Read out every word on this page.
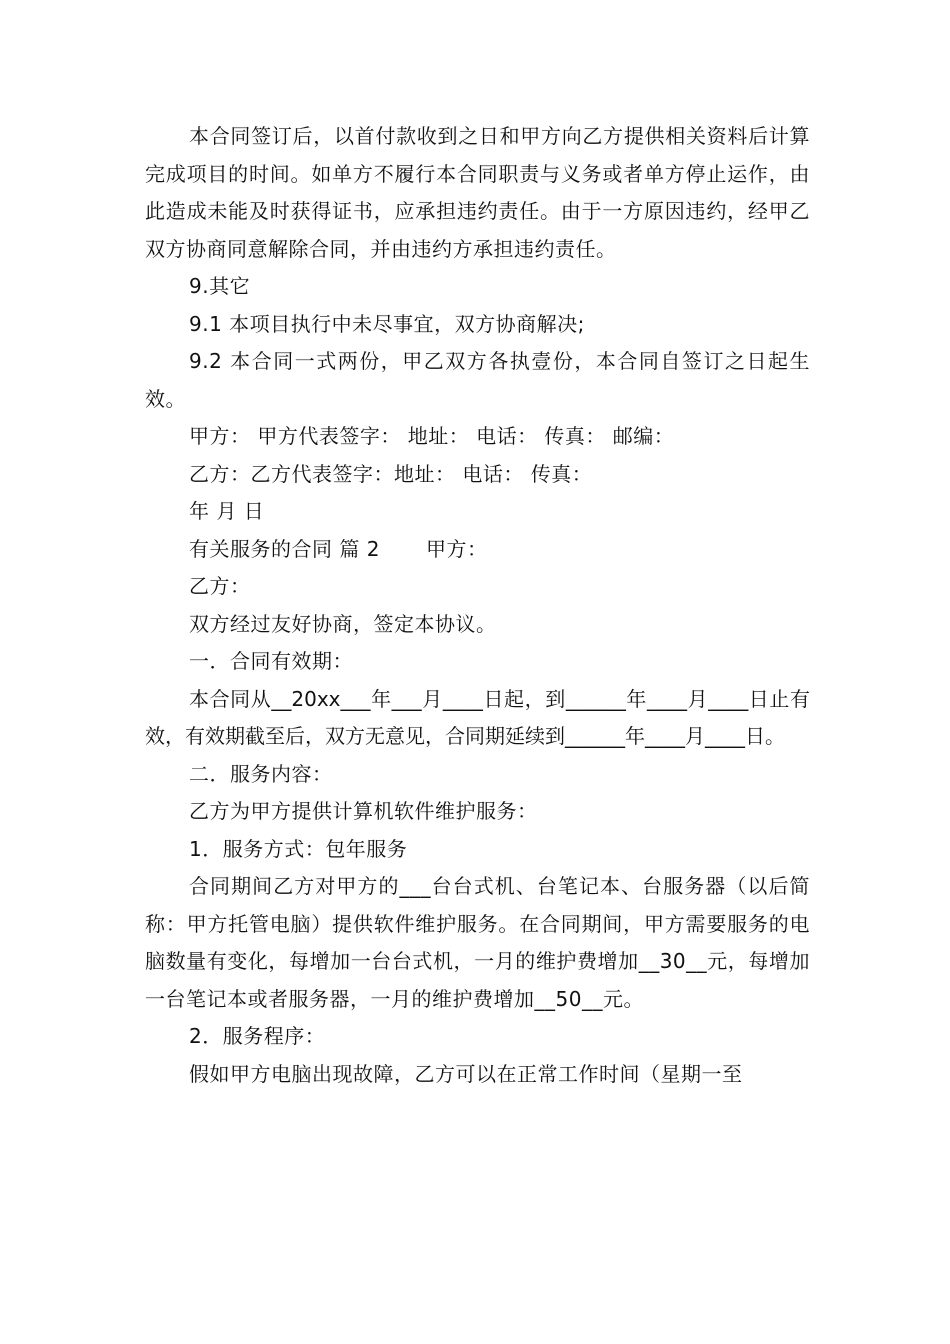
本合同签订后，以首付款收到之日和甲方向乙方提供相关资料后计算 完成项目的时间。如单方不履行本合同职责与义务或者单方停止运作，由此造成未能及时获得证书，应承担违约责任。由于一方原因违约，经甲乙双方协商同意解除合同，并由违约方承担违约责任。

9.其它

9.1 本项目执行中未尽事宜，双方协商解决;

9.2 本合同一式两份，甲乙双方各执壹份，本合同自签订之日起生效。

甲方： 甲方代表签字： 地址： 电话： 传真： 邮编：

乙方：乙方代表签字：地址： 电话： 传真：

年 月 日

有关服务的合同 篇 2 甲方：

乙方：

双方经过友好协商，签定本协议。

一．合同有效期：

本合同从__20xx___年___月____日起，到______年____月____日止有效，有效期截至后，双方无意见，合同期延续到______年____月____日。

二．服务内容：

乙方为甲方提供计算机软件维护服务：

1．服务方式：包年服务

合同期间乙方对甲方的___台台式机、台笔记本、台服务器（以后简称：甲方托管电脑）提供软件维护服务。在合同期间，甲方需要服务的电脑数量有变化，每增加一台台式机，一月的维护费增加__30__元，每增加一台笔记本或者服务器，一月的维护费增加__50__元。

2．服务程序：

假如甲方电脑出现故障，乙方可以在正常工作时间（星期一至
